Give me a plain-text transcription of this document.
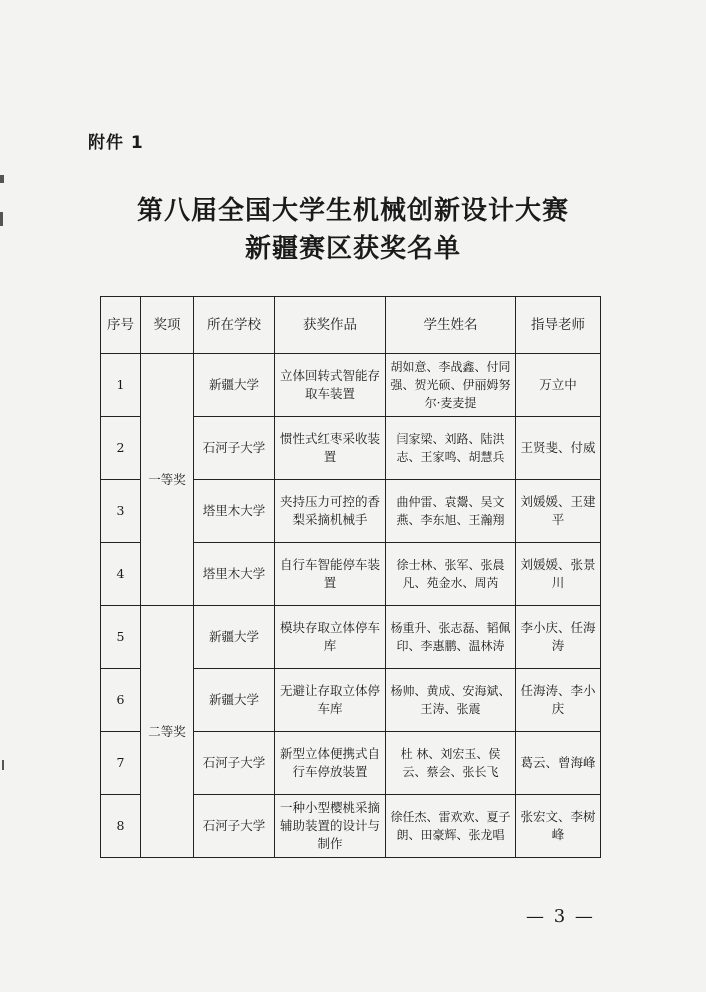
附件 1
第八届全国大学生机械创新设计大赛
新疆赛区获奖名单
序号	奖项	所在学校	获奖作品	学生姓名	指导老师
1	一等奖	新疆大学	立体回转式智能存取车装置	胡如意、李战鑫、付同强、贺光硕、伊丽姆努尔·麦麦提	万立中
2		石河子大学	惯性式红枣采收装置	闫家梁、刘路、陆洪志、王家鸣、胡慧兵	王贤斐、付威
3		塔里木大学	夹持压力可控的香梨采摘机械手	曲仲雷、袁鬶、吴文燕、李东旭、王瀚翔	刘媛媛、王建平
4		塔里木大学	自行车智能停车装置	徐士林、张军、张晨凡、苑金水、周芮	刘媛媛、张景川
5	二等奖	新疆大学	模块存取立体停车库	杨重升、张志磊、韬佩印、李惠鹏、温林涛	李小庆、任海涛
6		新疆大学	无避让存取立体停车库	杨帅、黄成、安海斌、王涛、张震	任海涛、李小庆
7		石河子大学	新型立体便携式自行车停放装置	杜 林、刘宏玉、侯云、蔡会、张长飞	葛云、曾海峰
8		石河子大学	一种小型樱桃采摘辅助装置的设计与制作	徐任杰、雷欢欢、夏子朗、田豪辉、张龙唱	张宏文、李树峰
— 3 —
